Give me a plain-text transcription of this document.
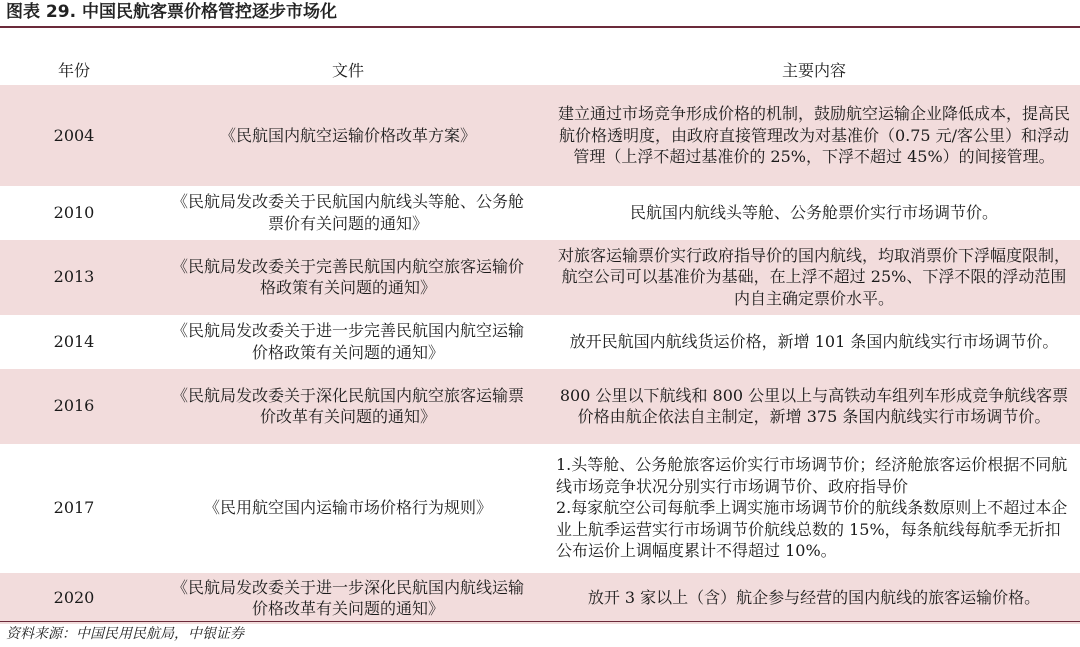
图表 29. 中国民航客票价格管控逐步市场化
年份	文件	主要内容
2004	《民航国内航空运输价格改革方案》	建立通过市场竞争形成价格的机制，鼓励航空运输企业降低成本，提高民航价格透明度，由政府直接管理改为对基准价（0.75 元/客公里）和浮动管理（上浮不超过基准价的 25%，下浮不超过 45%）的间接管理。
2010	《民航局发改委关于民航国内航线头等舱、公务舱票价有关问题的通知》	民航国内航线头等舱、公务舱票价实行市场调节价。
2013	《民航局发改委关于完善民航国内航空旅客运输价格政策有关问题的通知》	对旅客运输票价实行政府指导价的国内航线，均取消票价下浮幅度限制，航空公司可以基准价为基础，在上浮不超过 25%、下浮不限的浮动范围内自主确定票价水平。
2014	《民航局发改委关于进一步完善民航国内航空运输价格政策有关问题的通知》	放开民航国内航线货运价格，新增 101 条国内航线实行市场调节价。
2016	《民航局发改委关于深化民航国内航空旅客运输票价改革有关问题的通知》	800 公里以下航线和 800 公里以上与高铁动车组列车形成竞争航线客票价格由航企依法自主制定，新增 375 条国内航线实行市场调节价。
2017	《民用航空国内运输市场价格行为规则》	1.头等舱、公务舱旅客运价实行市场调节价；经济舱旅客运价根据不同航线市场竞争状况分别实行市场调节价、政府指导价
2.每家航空公司每航季上调实施市场调节价的航线条数原则上不超过本企业上航季运营实行市场调节价航线总数的 15%，每条航线每航季无折扣公布运价上调幅度累计不得超过 10%。

2020	《民航局发改委关于进一步深化民航国内航线运输价格改革有关问题的通知》	放开 3 家以上（含）航企参与经营的国内航线的旅客运输价格。
资料来源：中国民用民航局，中银证券
